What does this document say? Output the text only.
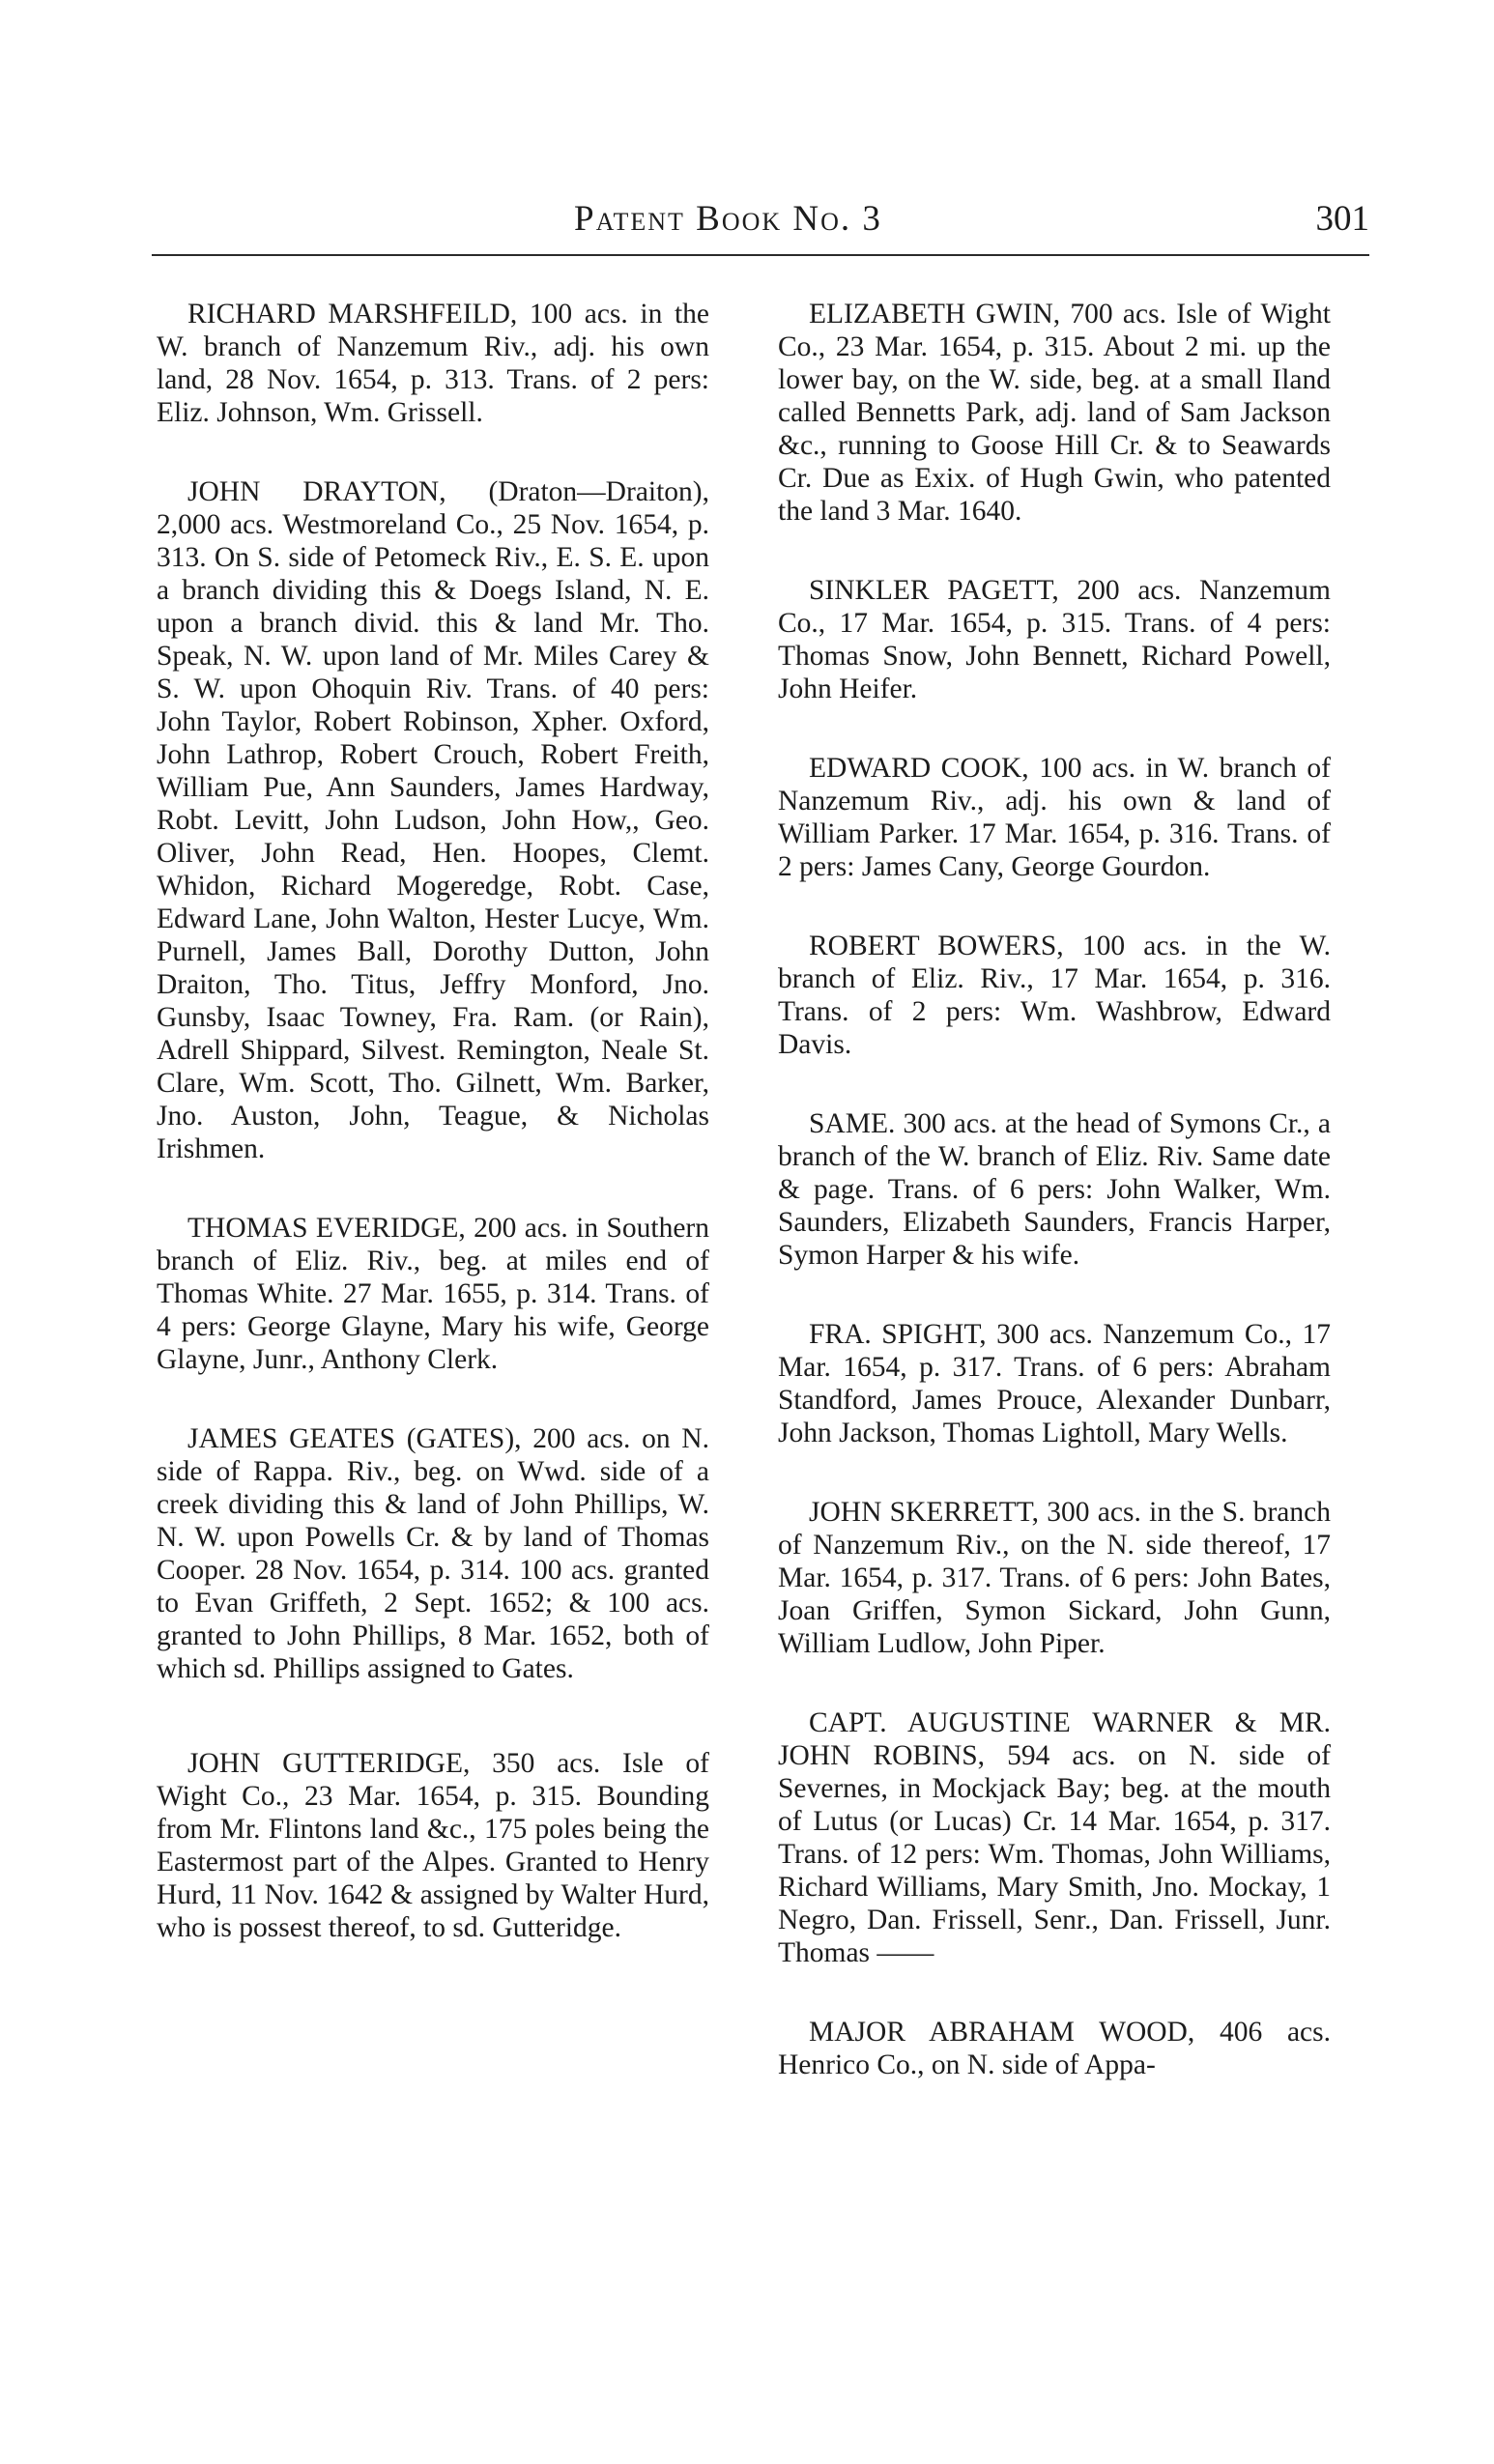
Patent Book No. 3	301

RICHARD MARSHFEILD, 100 acs. in the W. branch of Nanzemum Riv., adj. his own land, 28 Nov. 1654, p. 313. Trans. of 2 pers: Eliz. Johnson, Wm. Grissell.

JOHN DRAYTON, (Draton—Draiton), 2,000 acs. Westmoreland Co., 25 Nov. 1654, p. 313. On S. side of Petomeck Riv., E. S. E. upon a branch dividing this & Doegs Island, N. E. upon a branch divid. this & land Mr. Tho. Speak, N. W. upon land of Mr. Miles Carey & S. W. upon Ohoquin Riv. Trans. of 40 pers: John Taylor, Robert Robinson, Xpher. Oxford, John Lathrop, Robert Crouch, Robert Freith, William Pue, Ann Saunders, James Hardway, Robt. Levitt, John Ludson, John How,, Geo. Oliver, John Read, Hen. Hoopes, Clemt. Whidon, Richard Mogeredge, Robt. Case, Edward Lane, John Walton, Hester Lucye, Wm. Purnell, James Ball, Dorothy Dutton, John Draiton, Tho. Titus, Jeffry Monford, Jno. Gunsby, Isaac Towney, Fra. Ram. (or Rain), Adrell Shippard, Silvest. Remington, Neale St. Clare, Wm. Scott, Tho. Gilnett, Wm. Barker, Jno. Auston, John, Teague, & Nicholas Irishmen.

THOMAS EVERIDGE, 200 acs. in Southern branch of Eliz. Riv., beg. at miles end of Thomas White. 27 Mar. 1655, p. 314. Trans. of 4 pers: George Glayne, Mary his wife, George Glayne, Junr., Anthony Clerk.

JAMES GEATES (GATES), 200 acs. on N. side of Rappa. Riv., beg. on Wwd. side of a creek dividing this & land of John Phillips, W. N. W. upon Powells Cr. & by land of Thomas Cooper. 28 Nov. 1654, p. 314. 100 acs. granted to Evan Griffeth, 2 Sept. 1652; & 100 acs. granted to John Phillips, 8 Mar. 1652, both of which sd. Phillips assigned to Gates.

JOHN GUTTERIDGE, 350 acs. Isle of Wight Co., 23 Mar. 1654, p. 315. Bounding from Mr. Flintons land &c., 175 poles being the Eastermost part of the Alpes. Granted to Henry Hurd, 11 Nov. 1642 & assigned by Walter Hurd, who is possest thereof, to sd. Gutteridge.

ELIZABETH GWIN, 700 acs. Isle of Wight Co., 23 Mar. 1654, p. 315. About 2 mi. up the lower bay, on the W. side, beg. at a small Iland called Bennetts Park, adj. land of Sam Jackson &c., running to Goose Hill Cr. & to Seawards Cr. Due as Exix. of Hugh Gwin, who patented the land 3 Mar. 1640.

SINKLER PAGETT, 200 acs. Nanzemum Co., 17 Mar. 1654, p. 315. Trans. of 4 pers: Thomas Snow, John Bennett, Richard Powell, John Heifer.

EDWARD COOK, 100 acs. in W. branch of Nanzemum Riv., adj. his own & land of William Parker. 17 Mar. 1654, p. 316. Trans. of 2 pers: James Cany, George Gourdon.

ROBERT BOWERS, 100 acs. in the W. branch of Eliz. Riv., 17 Mar. 1654, p. 316. Trans. of 2 pers: Wm. Washbrow, Edward Davis.

SAME. 300 acs. at the head of Symons Cr., a branch of the W. branch of Eliz. Riv. Same date & page. Trans. of 6 pers: John Walker, Wm. Saunders, Elizabeth Saunders, Francis Harper, Symon Harper & his wife.

FRA. SPIGHT, 300 acs. Nanzemum Co., 17 Mar. 1654, p. 317. Trans. of 6 pers: Abraham Standford, James Prouce, Alexander Dunbarr, John Jackson, Thomas Lightoll, Mary Wells.

JOHN SKERRETT, 300 acs. in the S. branch of Nanzemum Riv., on the N. side thereof, 17 Mar. 1654, p. 317. Trans. of 6 pers: John Bates, Joan Griffen, Symon Sickard, John Gunn, William Ludlow, John Piper.

CAPT. AUGUSTINE WARNER & MR. JOHN ROBINS, 594 acs. on N. side of Severnes, in Mockjack Bay; beg. at the mouth of Lutus (or Lucas) Cr. 14 Mar. 1654, p. 317. Trans. of 12 pers: Wm. Thomas, John Williams, Richard Williams, Mary Smith, Jno. Mockay, 1 Negro, Dan. Frissell, Senr., Dan. Frissell, Junr. Thomas ——

MAJOR ABRAHAM WOOD, 406 acs. Henrico Co., on N. side of Appa-
